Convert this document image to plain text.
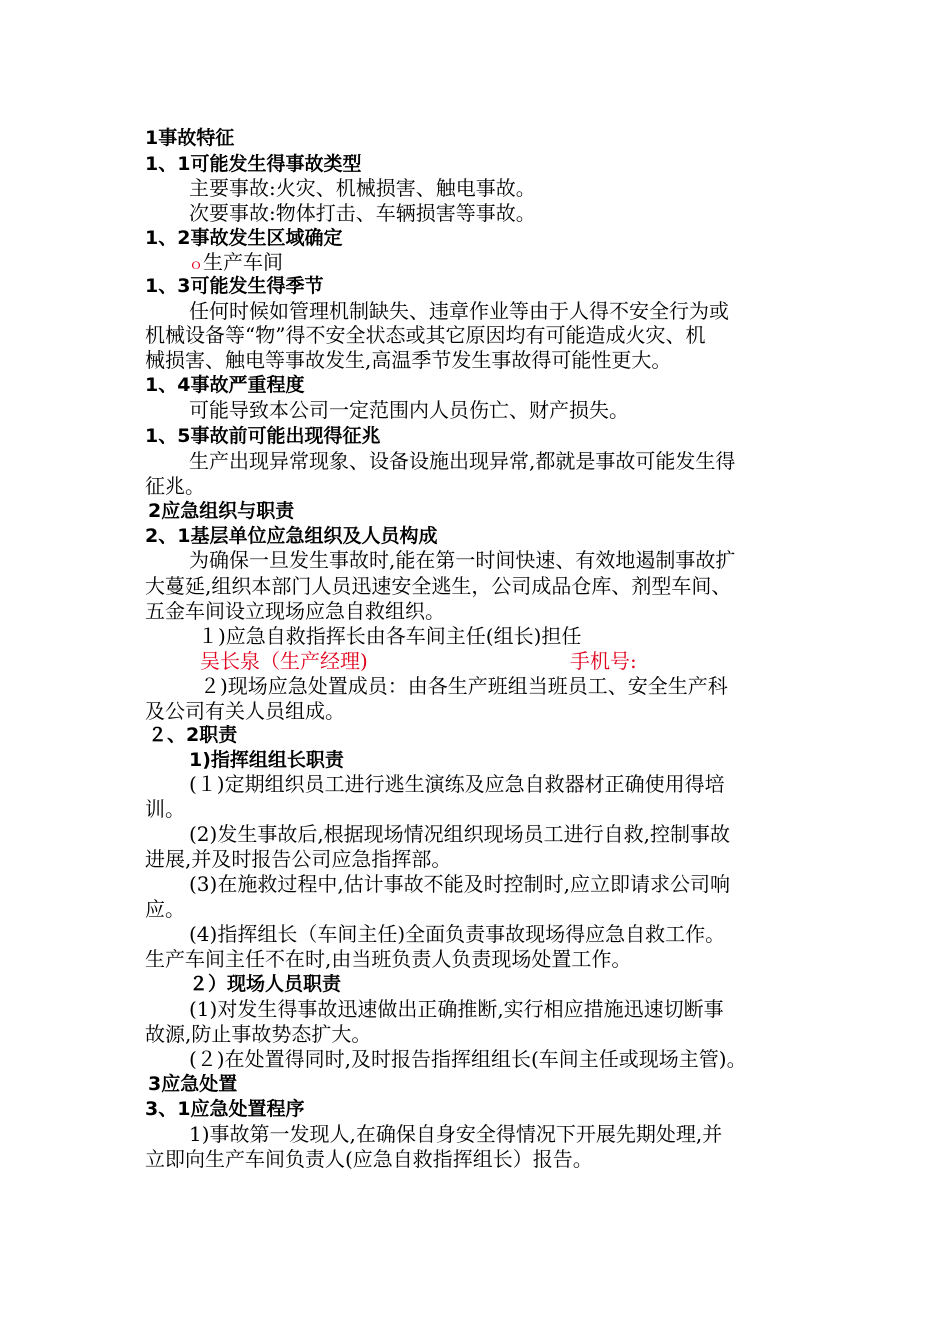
1事故特征
1、1可能发生得事故类型
主要事故:火灾、机械损害、触电事故。
次要事故:物体打击、车辆损害等事故。
1、2事故发生区域确定
ｏ生产车间
1、3可能发生得季节
任何时候如管理机制缺失、违章作业等由于人得不安全行为或
机械设备等“物”得不安全状态或其它原因均有可能造成火灾、机
械损害、触电等事故发生,高温季节发生事故得可能性更大。
1、4事故严重程度
可能导致本公司一定范围内人员伤亡、财产损失。
1、5事故前可能出现得征兆
生产出现异常现象、设备设施出现异常,都就是事故可能发生得
征兆。
2应急组织与职责
2、1基层单位应急组织及人员构成
为确保一旦发生事故时,能在第一时间快速、有效地遏制事故扩
大蔓延,组织本部门人员迅速安全逃生，公司成品仓库、剂型车间、
五金车间设立现场应急自救组织。
１)应急自救指挥长由各车间主任(组长)担任
吴长泉（生产经理)	手机号:
２)现场应急处置成员：由各生产班组当班员工、安全生产科
及公司有关人员组成。
２、2职责
1)指挥组组长职责
(１)定期组织员工进行逃生演练及应急自救器材正确使用得培
训。
(2)发生事故后,根据现场情况组织现场员工进行自救,控制事故
进展,并及时报告公司应急指挥部。
(3)在施救过程中,估计事故不能及时控制时,应立即请求公司响
应。
(4)指挥组长（车间主任)全面负责事故现场得应急自救工作。
生产车间主任不在时,由当班负责人负责现场处置工作。
２）现场人员职责
(1)对发生得事故迅速做出正确推断,实行相应措施迅速切断事
故源,防止事故势态扩大。
(２)在处置得同时,及时报告指挥组组长(车间主任或现场主管)。
3应急处置
3、1应急处置程序
1)事故第一发现人,在确保自身安全得情况下开展先期处理,并
立即向生产车间负责人(应急自救指挥组长）报告。
